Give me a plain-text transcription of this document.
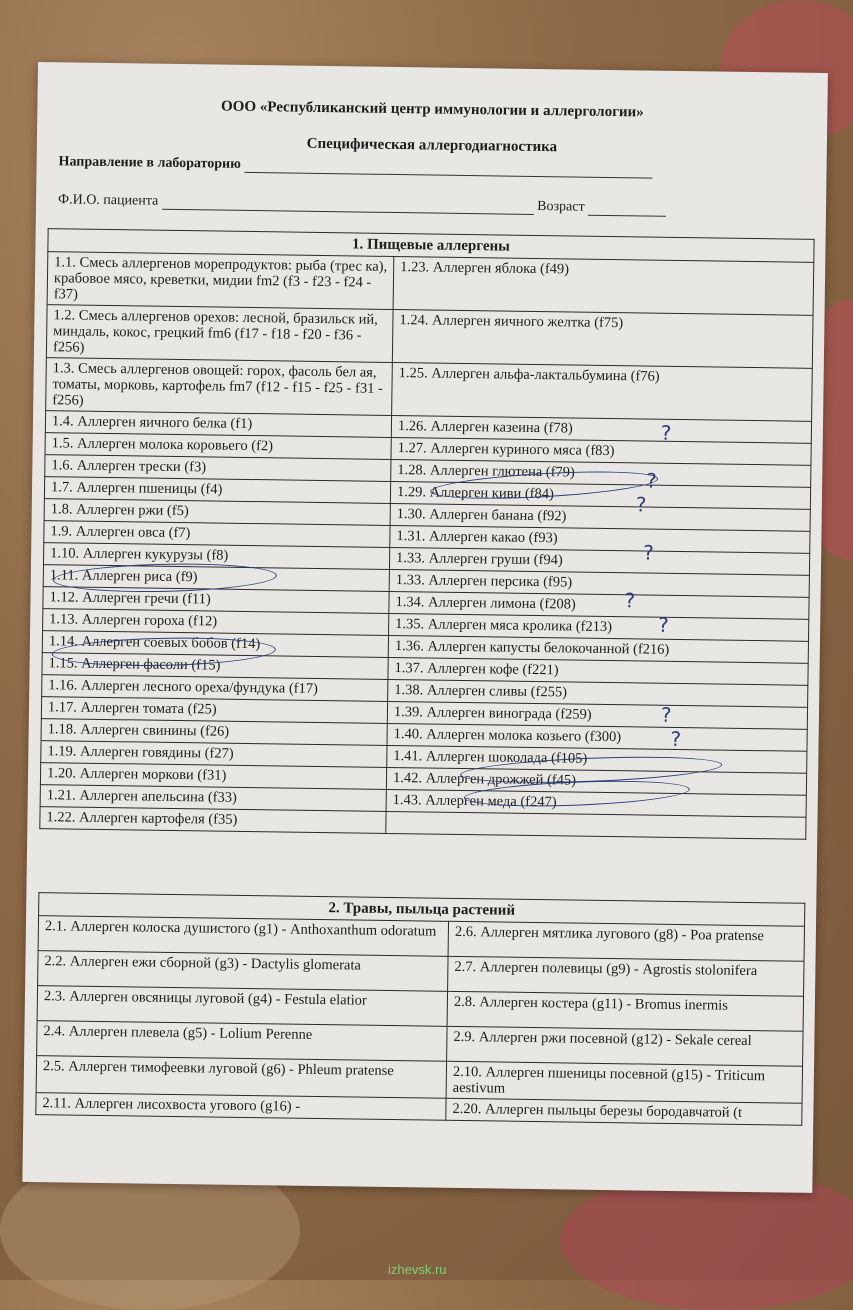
ООО «Республиканский центр иммунологии и аллергологии»
Специфическая аллергодиагностика
Направление в лабораторию
Ф.И.О. пациента	Возраст
1. Пищевые аллергены	
1.1. Смесь аллергенов морепродуктов: рыба (трес ка), крабовое мясо, креветки, мидии fm2 (f3 - f23 - f24 - f37)	1.23. Аллерген яблока (f49)
1.2. Смесь аллергенов орехов: лесной, бразильск ий, миндаль, кокос, грецкий fm6 (f17 - f18 - f20 - f36 - f256)	1.24. Аллерген яичного желтка (f75)
1.3. Смесь аллергенов овощей: горох, фасоль бел ая, томаты, морковь, картофель fm7 (f12 - f15 - f25 - f31 - f256)	1.25. Аллерген альфа-лактальбумина (f76)
1.4. Аллерген яичного белка (f1)	1.26. Аллерген казеина (f78)
1.5. Аллерген молока коровьего (f2)	1.27. Аллерген куриного мяса (f83)
1.6. Аллерген трески (f3)	1.28. Аллерген глютена (f79)
1.7. Аллерген пшеницы (f4)	1.29. Аллерген киви (f84)
1.8. Аллерген ржи (f5)	1.30. Аллерген банана (f92)
1.9. Аллерген овса (f7)	1.31. Аллерген какао (f93)
1.10. Аллерген кукурузы (f8)	1.33. Аллерген груши (f94)
1.11. Аллерген риса (f9)	1.33. Аллерген персика (f95)
1.12. Аллерген гречи (f11)	1.34. Аллерген лимона (f208)
1.13. Аллерген гороха (f12)	1.35. Аллерген мяса кролика (f213)
1.14. Аллерген соевых бобов (f14)	1.36. Аллерген капусты белокочанной (f216)
1.15. Аллерген фасоли (f15)	1.37. Аллерген кофе (f221)
1.16. Аллерген лесного ореха/фундука (f17)	1.38. Аллерген сливы (f255)
1.17. Аллерген томата (f25)	1.39. Аллерген винограда (f259)
1.18. Аллерген свинины (f26)	1.40. Аллерген молока козьего (f300)
1.19. Аллерген говядины (f27)	1.41. Аллерген шоколада (f105)
1.20. Аллерген моркови (f31)	1.42. Аллерген дрожжей (f45)
1.21. Аллерген апельсина (f33)	1.43. Аллерген меда (f247)
1.22. Аллерген картофеля (f35)	
2. Травы, пыльца растений	
2.1. Аллерген колоска душистого (g1) - Anthoxanthum odoratum	2.6. Аллерген мятлика лугового (g8) - Poa pratense
2.2. Аллерген ежи сборной (g3) - Dactylis glomerata	2.7. Аллерген полевицы (g9) - Agrostis stolonifera
2.3. Аллерген овсяницы луговой (g4) - Festula elatior	2.8. Аллерген костера (g11) - Bromus inermis
2.4. Аллерген плевела (g5) - Lolium Perenne	2.9. Аллерген ржи посевной (g12) - Sekale cereal
2.5. Аллерген тимофеевки луговой (g6) - Phleum pratense	2.10. Аллерген пшеницы посевной (g15) - Triticum aestivum
2.11. Аллерген лисохвоста угового (g16) -	2.20. Аллерген пыльцы березы бородавчатой (t
?
?
?
?
?
?
?
?
izhevsk.ru
